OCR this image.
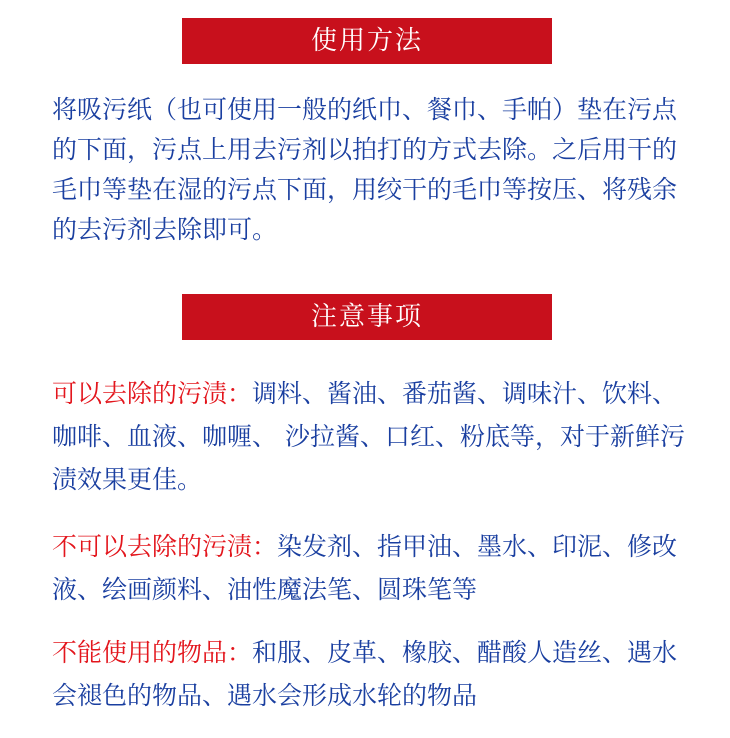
使用方法

将吸污纸（也可使用一般的纸巾、餐巾、手帕）垫在污点的下面，污点上用去污剂以拍打的方式去除。之后用干的毛巾等垫在湿的污点下面，用绞干的毛巾等按压、将残余的去污剂去除即可。

注意事项

可以去除的污渍：调料、酱油、番茄酱、调味汁、饮料、咖啡、血液、咖喱、 沙拉酱、口红、粉底等，对于新鲜污渍效果更佳。

不可以去除的污渍：染发剂、指甲油、墨水、印泥、修改液、绘画颜料、油性魔法笔、圆珠笔等

不能使用的物品：和服、皮革、橡胶、醋酸人造丝、遇水会褪色的物品、遇水会形成水轮的物品
